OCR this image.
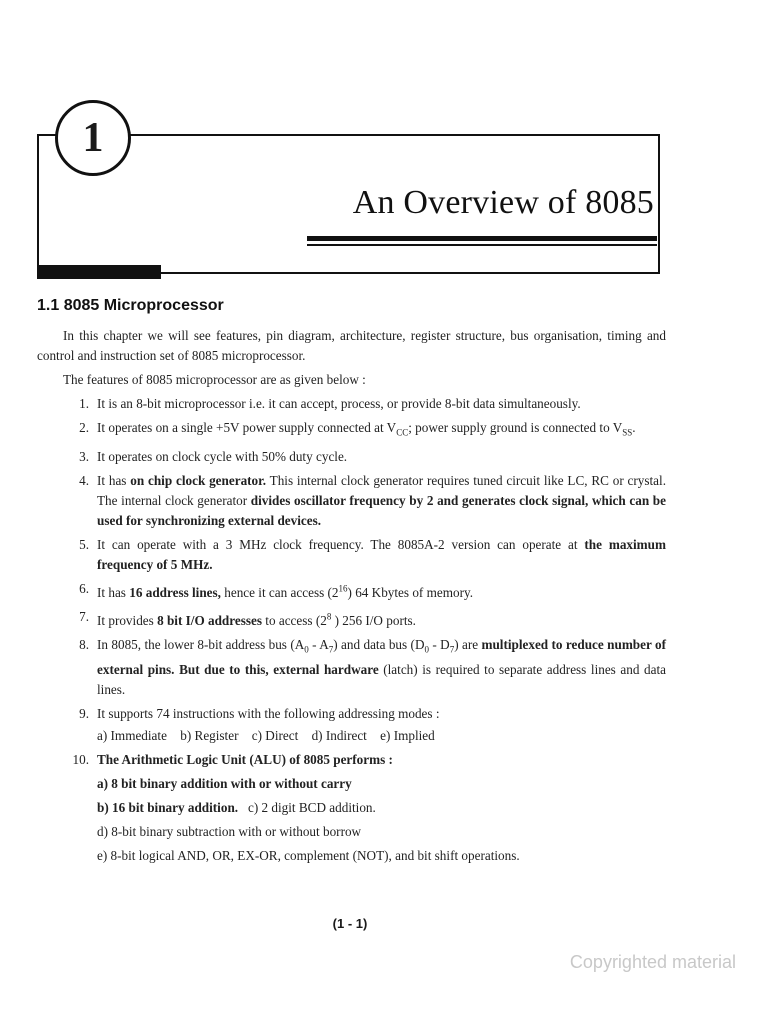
1
An Overview of 8085
1.1 8085 Microprocessor

In this chapter we will see features, pin diagram, architecture, register structure, bus organisation, timing and control and instruction set of 8085 microprocessor.

The features of 8085 microprocessor are as given below :

1. It is an 8-bit microprocessor i.e. it can accept, process, or provide 8-bit data simultaneously.
2. It operates on a single +5V power supply connected at $V_{CC}$; power supply ground is connected to $V_{SS}$.
3. It operates on clock cycle with 50% duty cycle.
4. It has on chip clock generator. This internal clock generator requires tuned circuit like LC, RC or crystal. The internal clock generator divides oscillator frequency by 2 and generates clock signal, which can be used for synchronizing external devices.
5. It can operate with a 3 MHz clock frequency. The 8085A-2 version can operate at the maximum frequency of 5 MHz.
6. It has 16 address lines, hence it can access $(2^{16})$ 64 Kbytes of memory.
7. It provides 8 bit I/O addresses to access ($2^8$ ) 256 I/O ports.
8. In 8085, the lower 8-bit address bus $(A_0 - A_7)$ and data bus $(D_0 - D_7)$ are multiplexed to reduce number of external pins. But due to this, external hardware (latch) is required to separate address lines and data lines.
9. It supports 74 instructions with the following addressing modes :
a) Immediate b) Register c) Direct d) Indirect e) Implied
10. The Arithmetic Logic Unit (ALU) of 8085 performs :
a) 8 bit binary addition with or without carry
b) 16 bit binary addition. c) 2 digit BCD addition.
d) 8-bit binary subtraction with or without borrow
e) 8-bit logical AND, OR, EX-OR, complement (NOT), and bit shift operations.
(1 - 1)
Copyrighted material
